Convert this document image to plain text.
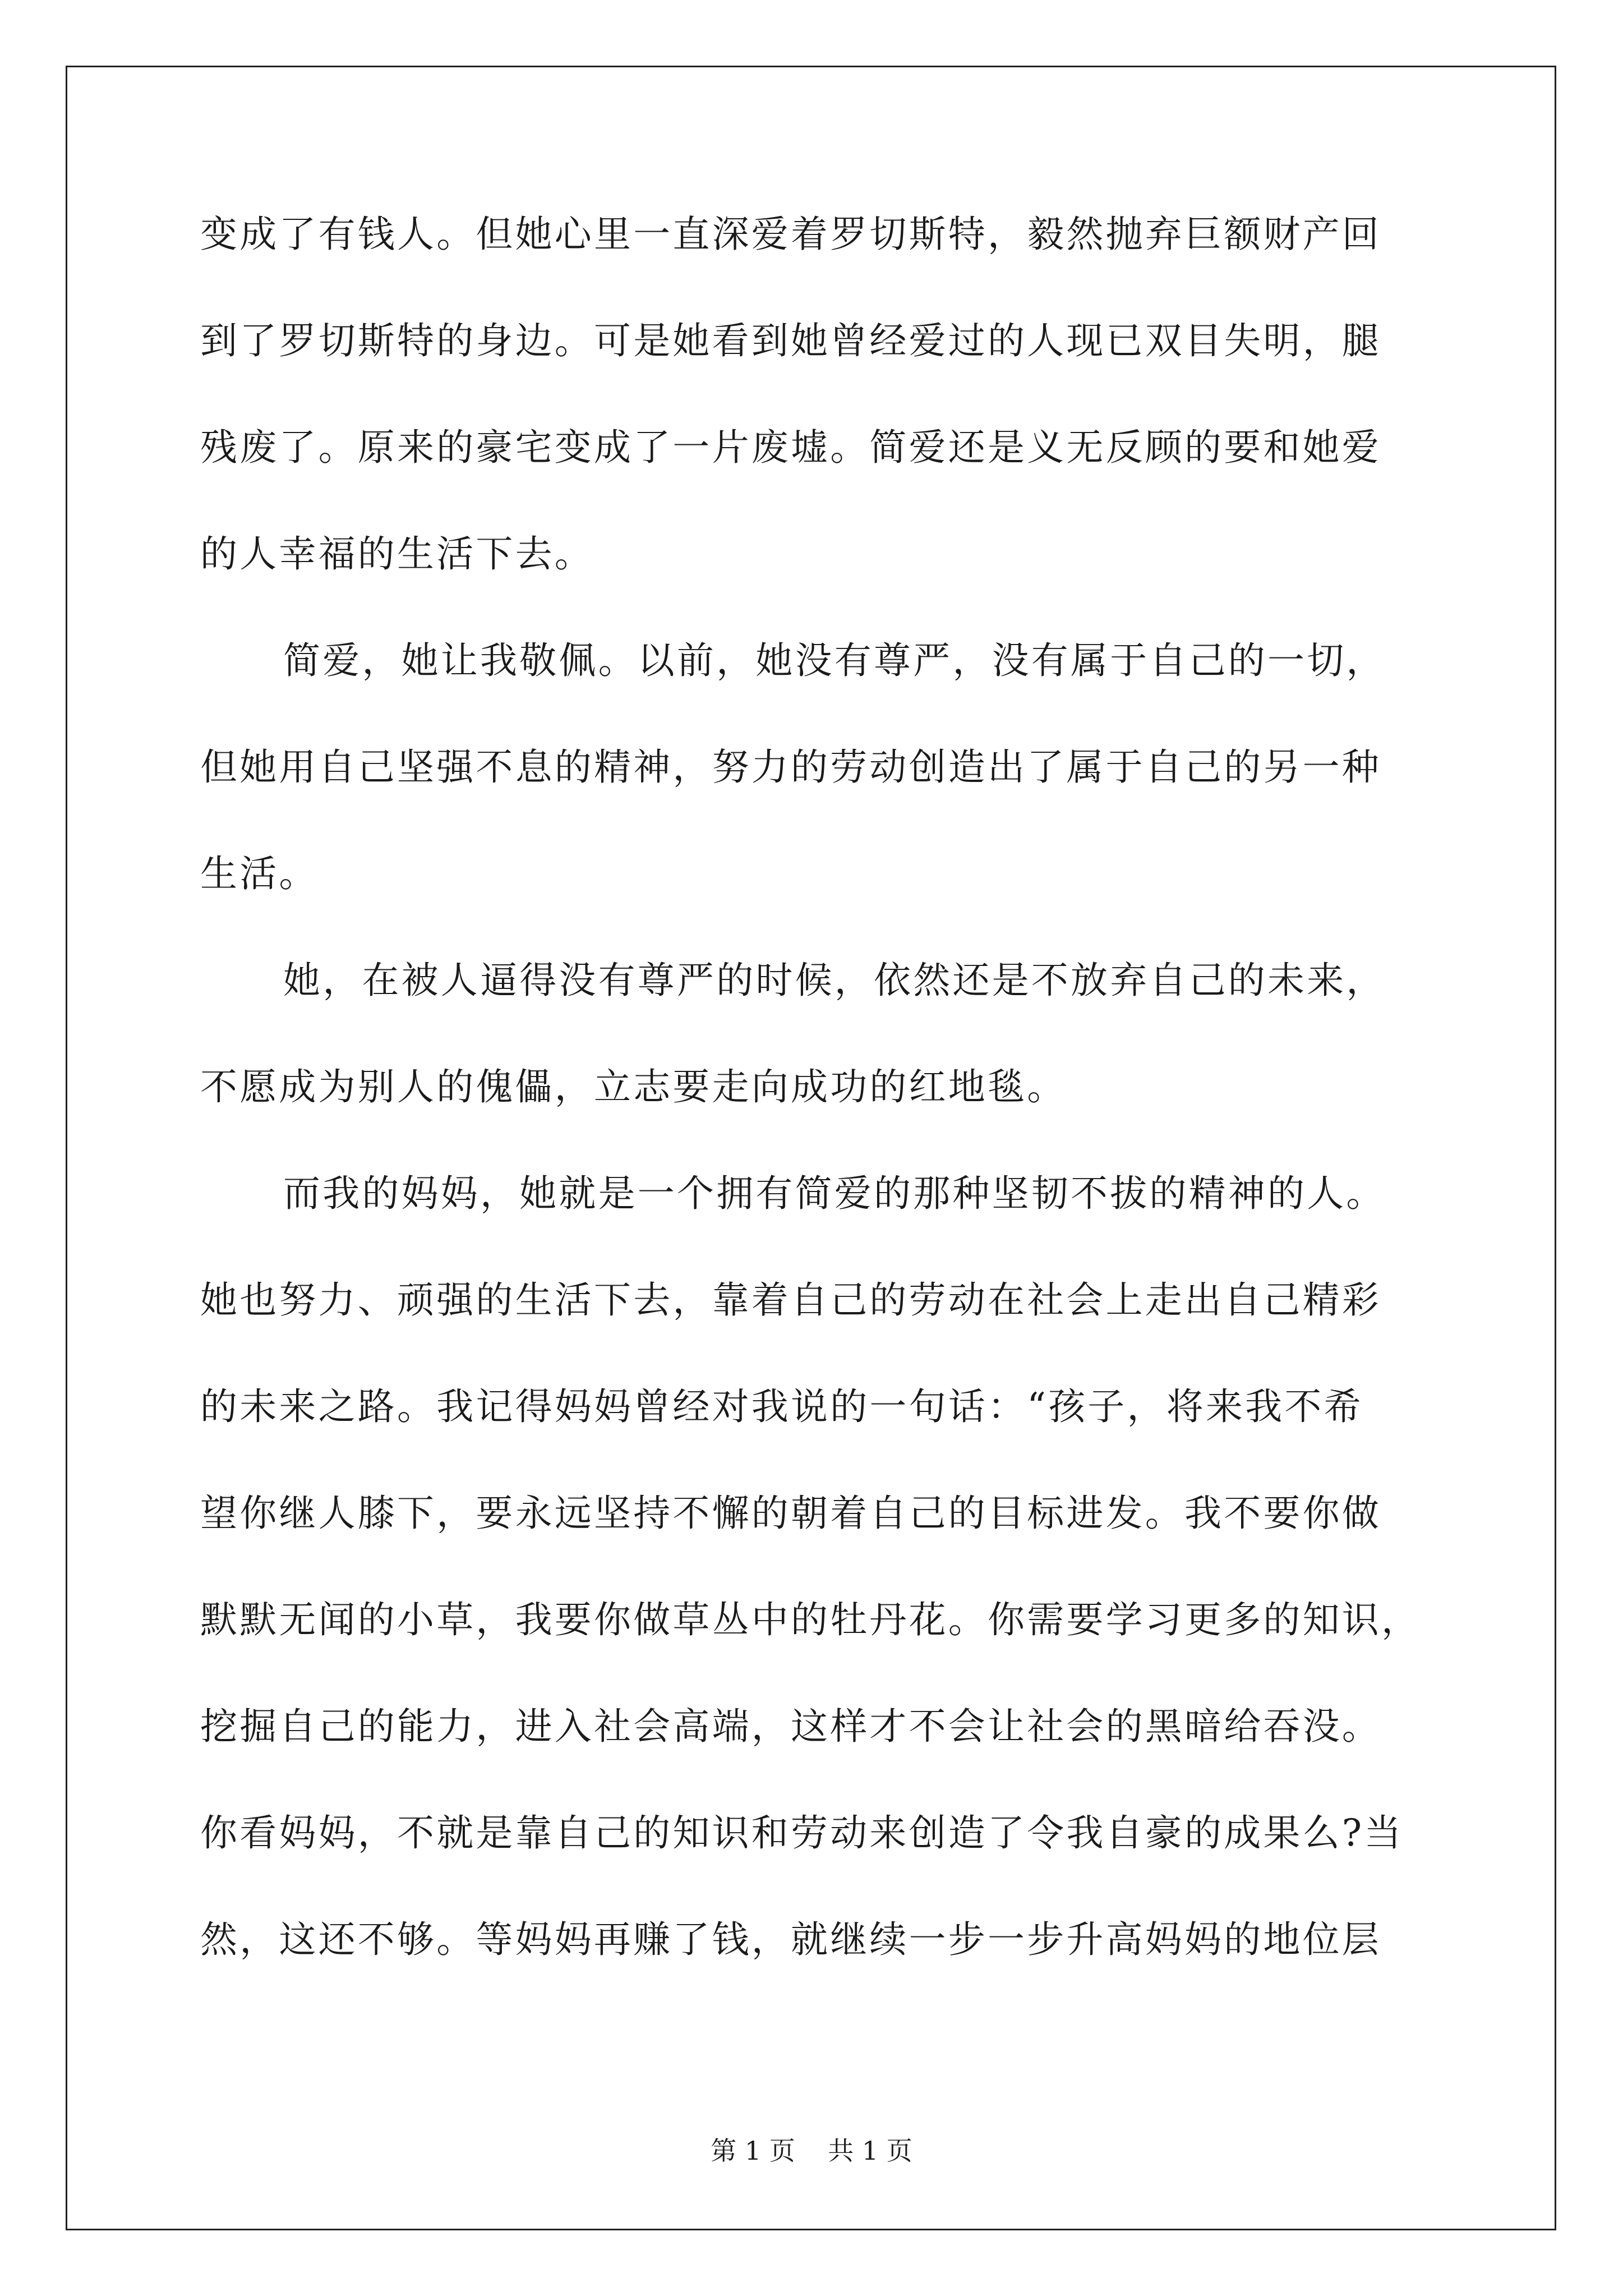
变成了有钱人。但她心里一直深爱着罗切斯特，毅然抛弃巨额财产回
到了罗切斯特的身边。可是她看到她曾经爱过的人现已双目失明，腿
残废了。原来的豪宅变成了一片废墟。简爱还是义无反顾的要和她爱
的人幸福的生活下去。
简爱，她让我敬佩。以前，她没有尊严，没有属于自己的一切，
但她用自己坚强不息的精神，努力的劳动创造出了属于自己的另一种
生活。
她，在被人逼得没有尊严的时候，依然还是不放弃自己的未来，
不愿成为别人的傀儡，立志要走向成功的红地毯。
而我的妈妈，她就是一个拥有简爱的那种坚韧不拔的精神的人。
她也努力、顽强的生活下去，靠着自己的劳动在社会上走出自己精彩
的未来之路。我记得妈妈曾经对我说的一句话：“孩子，将来我不希
望你继人膝下，要永远坚持不懈的朝着自己的目标进发。我不要你做
默默无闻的小草，我要你做草丛中的牡丹花。你需要学习更多的知识，
挖掘自己的能力，进入社会高端，这样才不会让社会的黑暗给吞没。
你看妈妈，不就是靠自己的知识和劳动来创造了令我自豪的成果么?当
然，这还不够。等妈妈再赚了钱，就继续一步一步升高妈妈的地位层
第 1 页    共 1 页
